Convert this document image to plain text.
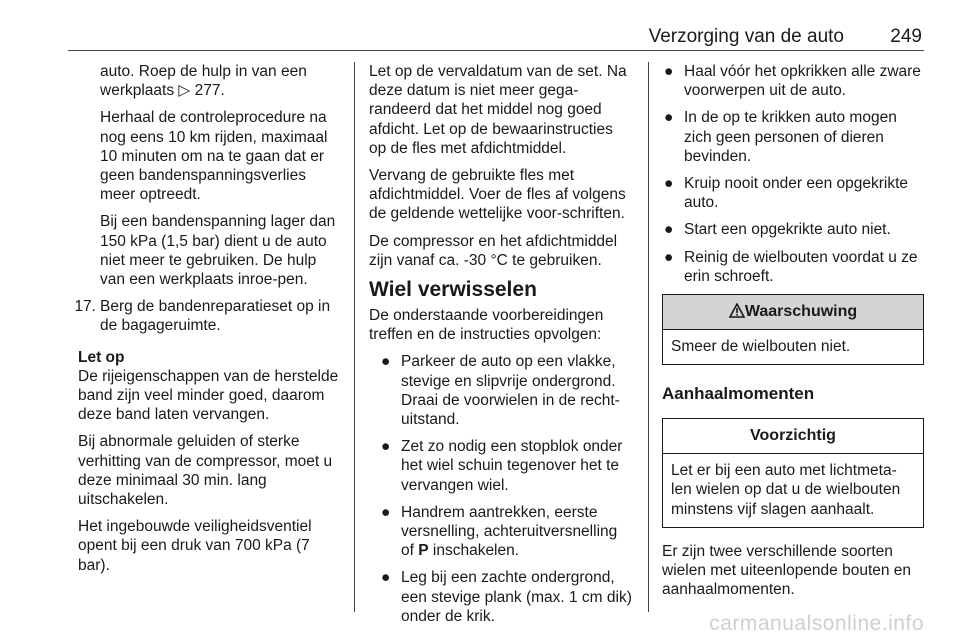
Verzorging van de auto 249

auto. Roep de hulp in van een werkplaats ▷ 277.

Herhaal de controleprocedure na nog eens 10 km rijden, maximaal 10 minuten om na te gaan dat er geen bandenspanningsverlies meer optreedt.

Bij een bandenspanning lager dan 150 kPa (1,5 bar) dient u de auto niet meer te gebruiken. De hulp van een werkplaats inroe-pen.

17. Berg de bandenreparatieset op in de bagageruimte.
Let op

De rijeigenschappen van de herstelde band zijn veel minder goed, daarom deze band laten vervangen.

Bij abnormale geluiden of sterke verhitting van de compressor, moet u deze minimaal 30 min. lang uitschakelen.

Het ingebouwde veiligheidsventiel opent bij een druk van 700 kPa (7 bar).

Let op de vervaldatum van de set. Na deze datum is niet meer gega-randeerd dat het middel nog goed afdicht. Let op de bewaarinstructies op de fles met afdichtmiddel.

Vervang de gebruikte fles met afdichtmiddel. Voer de fles af volgens de geldende wettelijke voor-schriften.

De compressor en het afdichtmiddel zijn vanaf ca. -30 °C te gebruiken.

Wiel verwisselen

De onderstaande voorbereidingen treffen en de instructies opvolgen:

● Parkeer de auto op een vlakke, stevige en slipvrije ondergrond. Draai de voorwielen in de recht-uitstand.
● Zet zo nodig een stopblok onder het wiel schuin tegenover het te vervangen wiel.
● Handrem aantrekken, eerste versnelling, achteruitversnelling of P inschakelen.
● Leg bij een zachte ondergrond, een stevige plank (max. 1 cm dik) onder de krik.
● Haal vóór het opkrikken alle zware voorwerpen uit de auto.
● In de op te krikken auto mogen zich geen personen of dieren bevinden.
● Kruip nooit onder een opgekrikte auto.
● Start een opgekrikte auto niet.
● Reinig de wielbouten voordat u ze erin schroeft.
Waarschuwing
Smeer de wielbouten niet.
Aanhaalmomenten
Voorzichtig
Let er bij een auto met lichtmeta-len wielen op dat u de wielbouten minstens vijf slagen aanhaalt.

Er zijn twee verschillende soorten wielen met uiteenlopende bouten en aanhaalmomenten.

carmanualsonline.info
